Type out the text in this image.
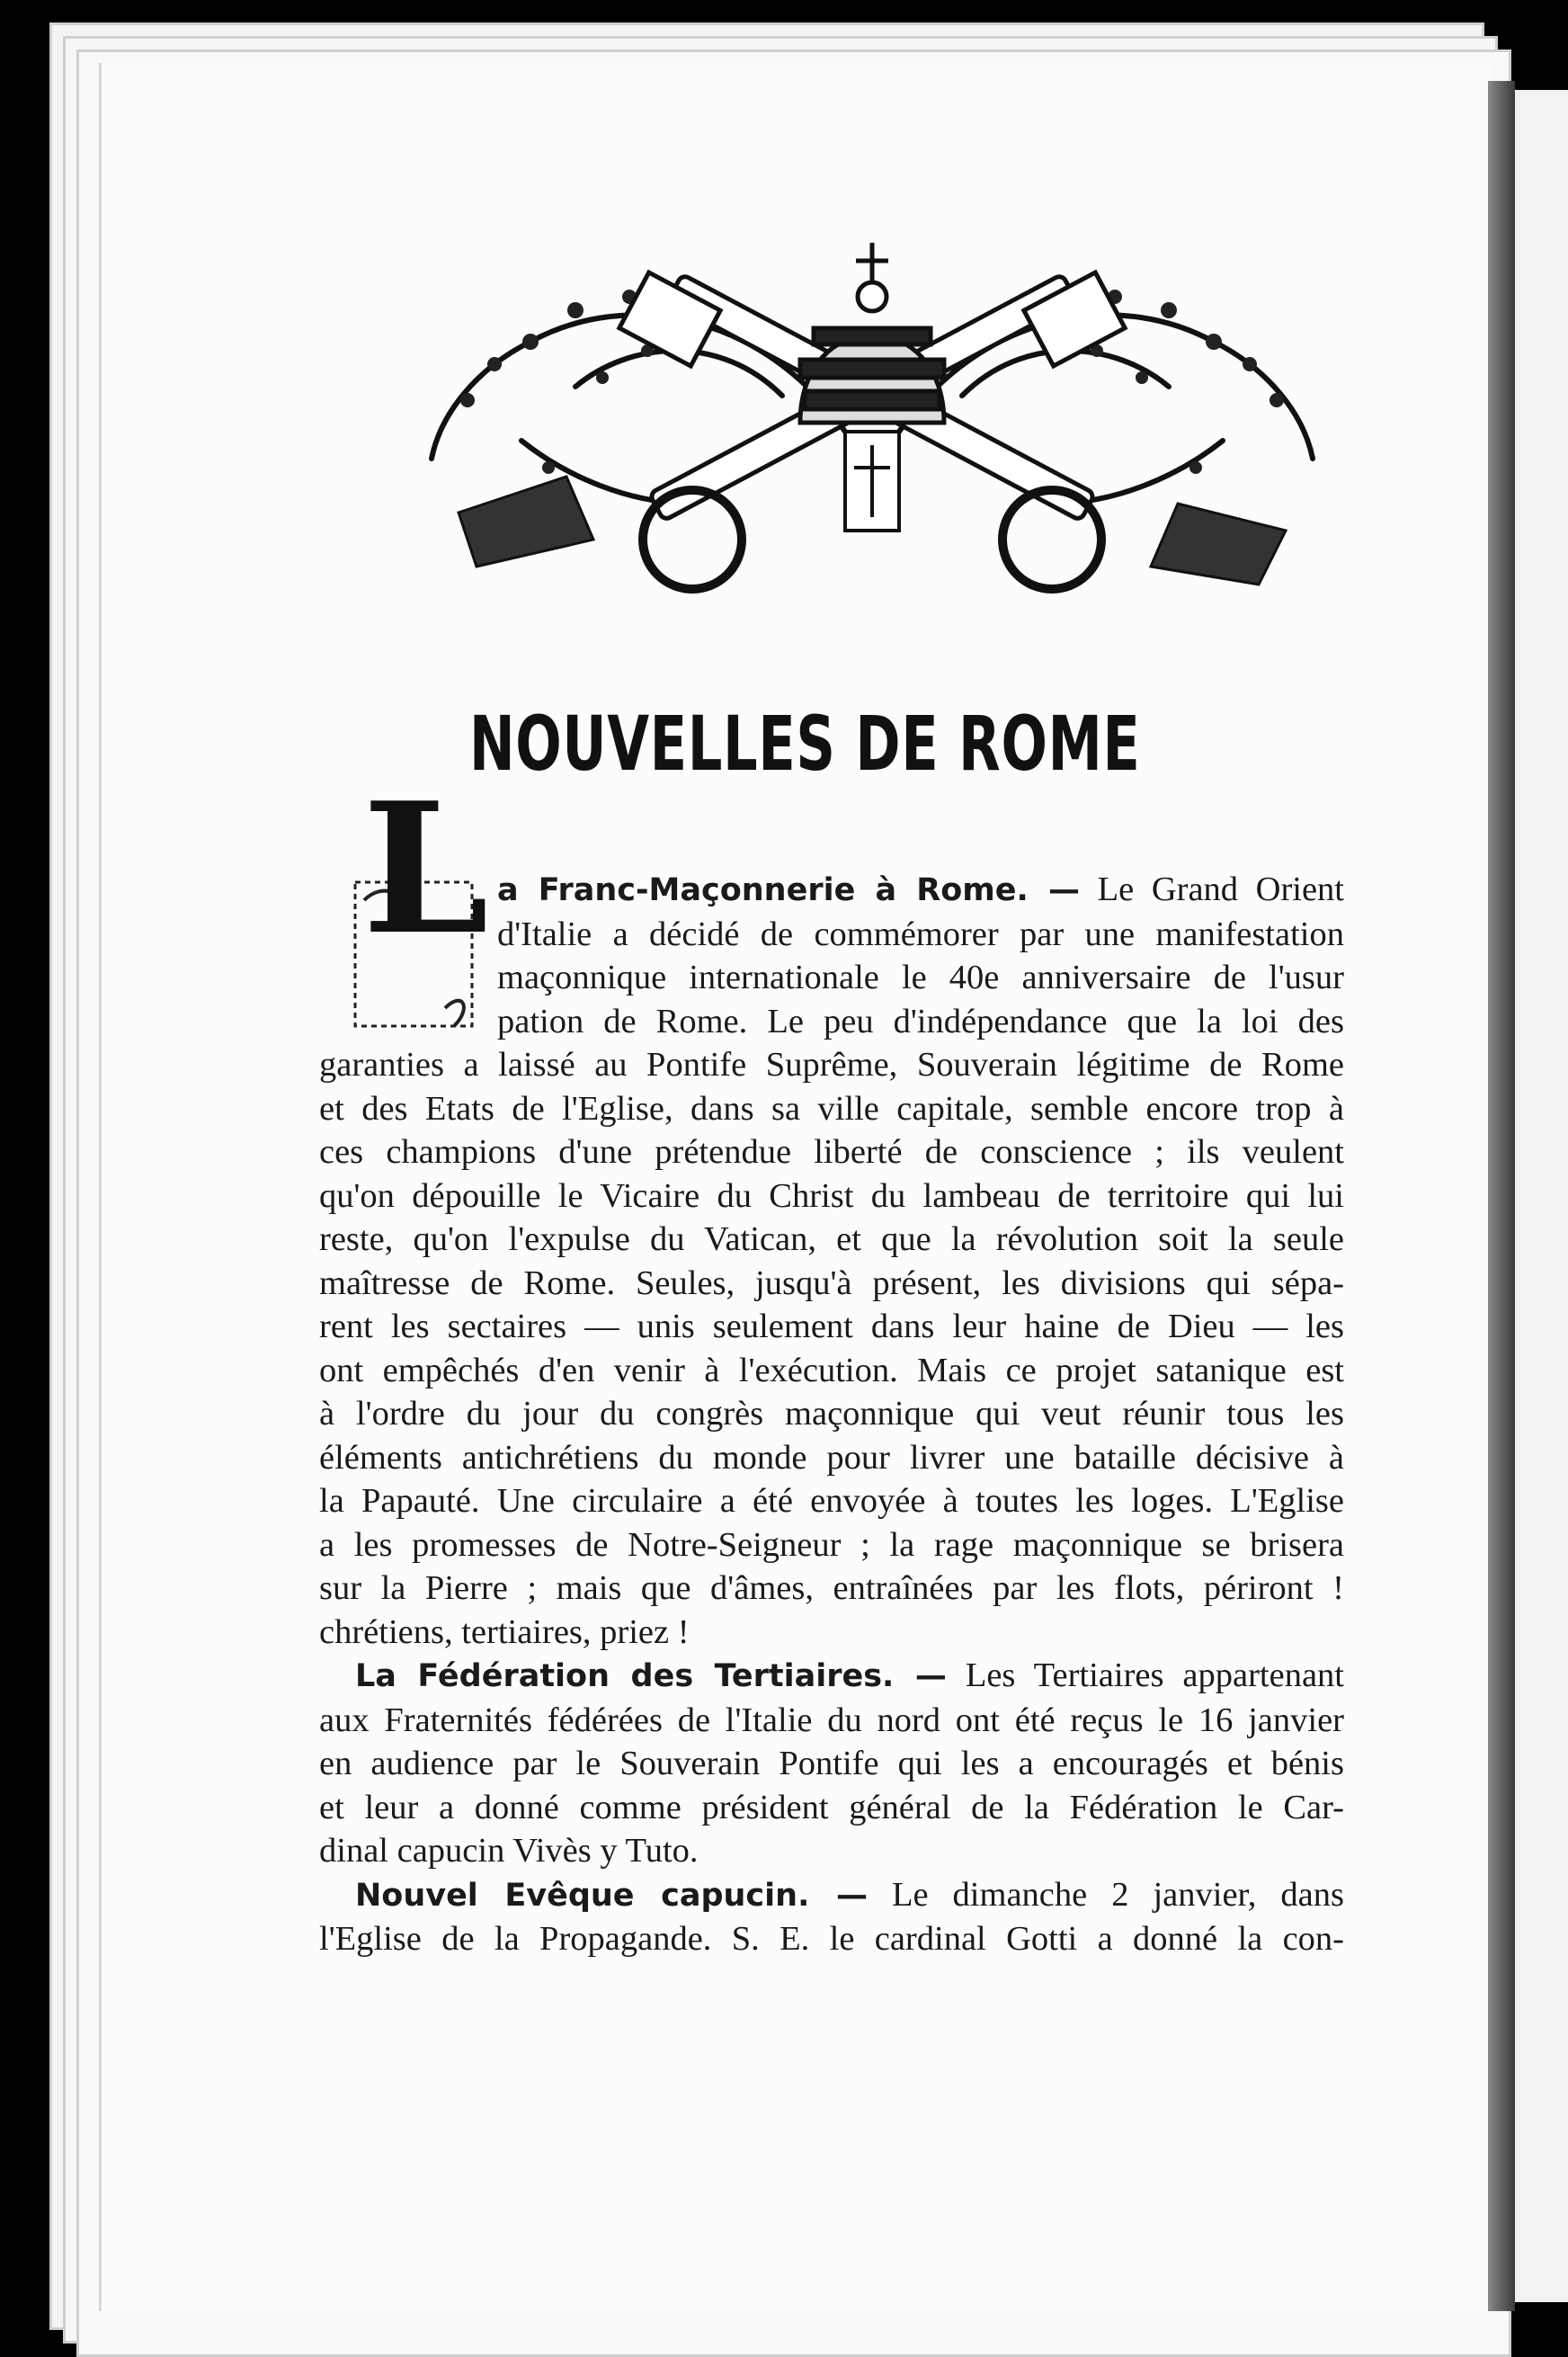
NOUVELLES DE ROME
L a Franc-Maçonnerie à Rome. — Le Grand Orient
d'Italie a décidé de commémorer par une manifestation
maçonnique internationale le 40e anniversaire de l'usur
pation de Rome. Le peu d'indépendance que la loi des
garanties a laissé au Pontife Suprême, Souverain légitime de Rome
et des Etats de l'Eglise, dans sa ville capitale, semble encore trop à
ces champions d'une prétendue liberté de conscience ; ils veulent
qu'on dépouille le Vicaire du Christ du lambeau de territoire qui lui
reste, qu'on l'expulse du Vatican, et que la révolution soit la seule
maîtresse de Rome. Seules, jusqu'à présent, les divisions qui sépa-
rent les sectaires — unis seulement dans leur haine de Dieu — les
ont empêchés d'en venir à l'exécution. Mais ce projet satanique est
à l'ordre du jour du congrès maçonnique qui veut réunir tous les
éléments antichrétiens du monde pour livrer une bataille décisive à
la Papauté. Une circulaire a été envoyée à toutes les loges. L'Eglise
a les promesses de Notre-Seigneur ; la rage maçonnique se brisera
sur la Pierre ; mais que d'âmes, entraînées par les flots, périront !
chrétiens, tertiaires, priez !
La Fédération des Tertiaires. — Les Tertiaires appartenant
aux Fraternités fédérées de l'Italie du nord ont été reçus le 16 janvier
en audience par le Souverain Pontife qui les a encouragés et bénis
et leur a donné comme président général de la Fédération le Car-
dinal capucin Vivès y Tuto.
Nouvel Evêque capucin. — Le dimanche 2 janvier, dans
l'Eglise de la Propagande. S. E. le cardinal Gotti a donné la con-
